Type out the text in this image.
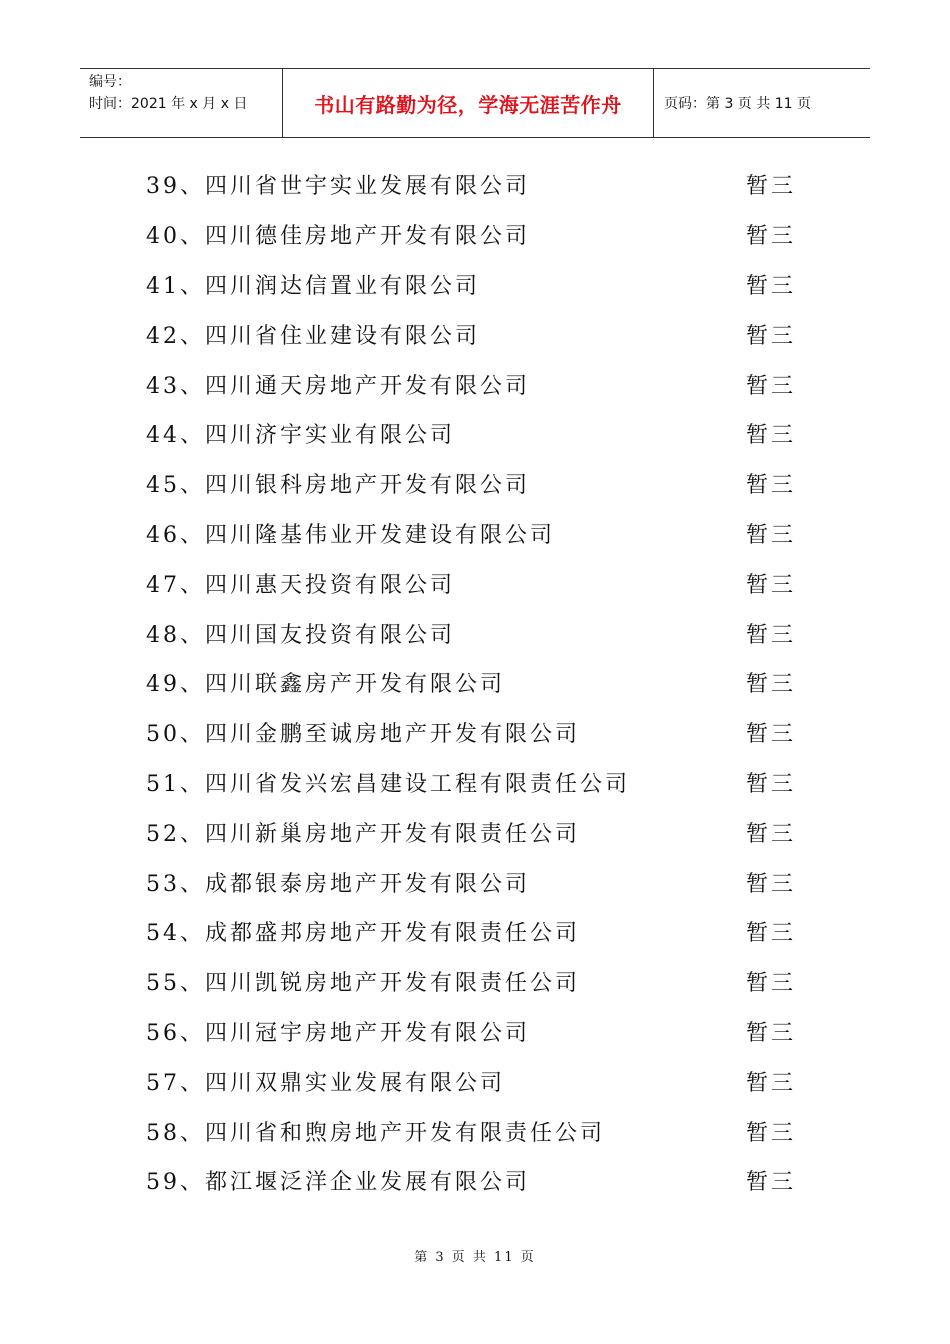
编号：
时间：2021 年 x 月 x 日	书山有路勤为径，学海无涯苦作舟	页码：第 3 页 共 11 页
39、四川省世宇实业发展有限公司	暂三
40、四川德佳房地产开发有限公司	暂三
41、四川润达信置业有限公司	暂三
42、四川省住业建设有限公司	暂三
43、四川通天房地产开发有限公司	暂三
44、四川济宇实业有限公司	暂三
45、四川银科房地产开发有限公司	暂三
46、四川隆基伟业开发建设有限公司	暂三
47、四川惠天投资有限公司	暂三
48、四川国友投资有限公司	暂三
49、四川联鑫房产开发有限公司	暂三
50、四川金鹏至诚房地产开发有限公司	暂三
51、四川省发兴宏昌建设工程有限责任公司	暂三
52、四川新巢房地产开发有限责任公司	暂三
53、成都银泰房地产开发有限公司	暂三
54、成都盛邦房地产开发有限责任公司	暂三
55、四川凯锐房地产开发有限责任公司	暂三
56、四川冠宇房地产开发有限公司	暂三
57、四川双鼎实业发展有限公司	暂三
58、四川省和煦房地产开发有限责任公司	暂三
59、都江堰泛洋企业发展有限公司	暂三
第 3 页 共 11 页
